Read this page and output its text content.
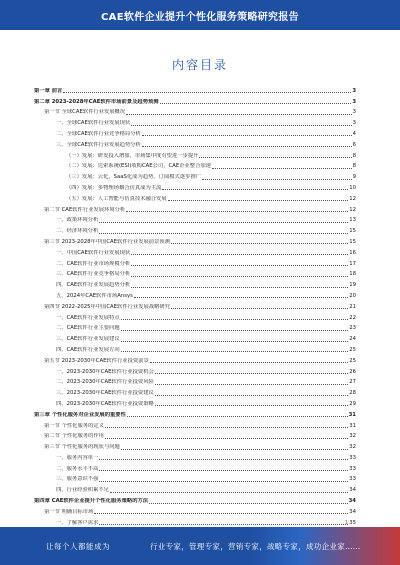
CAE软件企业提升个性化服务策略研究报告
内容目录
第一章 前言	3
第二章 2023-2028年CAE软件市场前景及趋势预测	3
第一节 全球CAE软件行业发展概况	3
一、全球CAE软件行业发展现状	3
二、全球CAE软件行业竞争格局分析	4
三、全球CAE软件行业发展趋势分析	6
（一）发展：研发投入增加，市场集中度有望进一步提升	8
（二）发展：达索系统(ESI)收购CAE公司，CAE企业整合加速	8
（三）发展：云化、SaaS化成为趋势，订阅模式逐步推广	9
（四）发展：多物理场耦合仿真成为主流	10
（五）发展：人工智能与仿真技术融合发展	12
第二节 CAE软件行业发展环境分析	12
一、政策环境分析	13
二、经济环境分析	15
第三节 2023-2028年中国CAE软件行业发展前景预测	15
一、中国CAE软件行业发展现状	16
二、CAE软件行业市场规模分析	17
三、CAE软件行业竞争格局分析	18
四、CAE软件行业发展趋势分析	19
五、2024年CAE软件市场Ansys	20
第四节 2022-2025年中国CAE软件行业发展战略研究	21
一、CAE软件行业发展特点	22
二、CAE软件行业主要问题	23
三、CAE软件行业发展建议	24
四、CAE软件行业发展方向	25
第五节 2023-2030年CAE软件行业投资前景	25
一、2023-2030年CAE软件行业投资机会	26
二、2023-2030年CAE软件行业投资风险	27
三、2023-2030年CAE软件行业投资建议	28
四、2023-2030年CAE软件行业投资策略	29
第三章 个性化服务对企业发展的重要性	31
第一节 个性化服务的定义	31
第二节 个性化服务的作用	32
第三节 个性化服务的现状与问题	32
一、服务内容单一	33
二、服务水平不高	33
三、服务意识不强	33
四、行业经验积累不足	34
第四章 CAE软件企业提升个性化服务策略的方法	34
第一节 明确目标市场	34
一、了解客户需求	35
1
让每个人都能成为	行业专家，管理专家，营销专家，战略专家，成功企业家……
